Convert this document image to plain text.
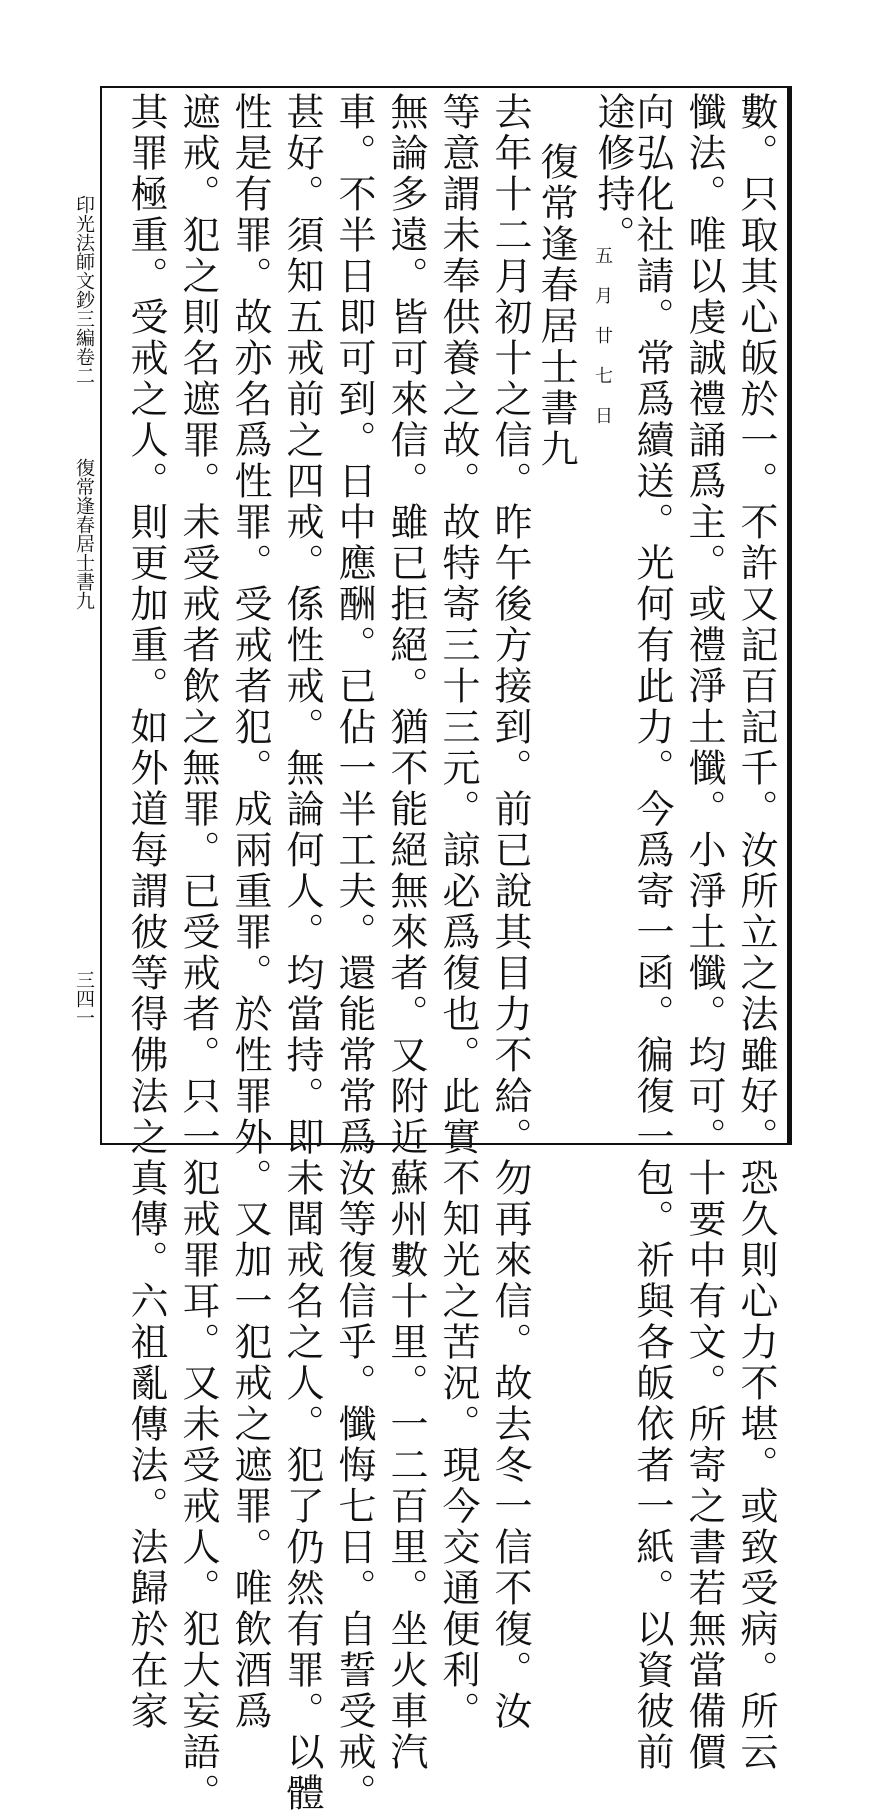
數。只取其心皈於一。不許又記百記千。汝所立之法雖好。恐久則心力不堪。或致受病。所云
懺法。唯以虔誠禮誦爲主。或禮淨土懺。小淨土懺。均可。十要中有文。所寄之書若無當備價
向弘化社請。常爲續送。光何有此力。今爲寄一函。徧復一包。祈與各皈依者一紙。以資彼前
途修持。
五月廿七日
復常逢春居士書九
去年十二月初十之信。昨午後方接到。前已說其目力不給。勿再來信。故去冬一信不復。汝
等意謂未奉供養之故。故特寄三十三元。諒必爲復也。此實不知光之苦況。現今交通便利。
無論多遠。皆可來信。雖已拒絕。猶不能絕無來者。又附近蘇州數十里。一二百里。坐火車汽
車。不半日即可到。日中應酬。已佔一半工夫。還能常常爲汝等復信乎。懺悔七日。自誓受戒。
甚好。須知五戒前之四戒。係性戒。無論何人。均當持。即未聞戒名之人。犯了仍然有罪。以體
性是有罪。故亦名爲性罪。受戒者犯。成兩重罪。於性罪外。又加一犯戒之遮罪。唯飲酒爲
遮戒。犯之則名遮罪。未受戒者飲之無罪。已受戒者。只一犯戒罪耳。又未受戒人。犯大妄語。
其罪極重。受戒之人。則更加重。如外道每謂彼等得佛法之真傳。六祖亂傳法。法歸於在家
印光法師文鈔三編卷二
復常逢春居士書九
三四一
